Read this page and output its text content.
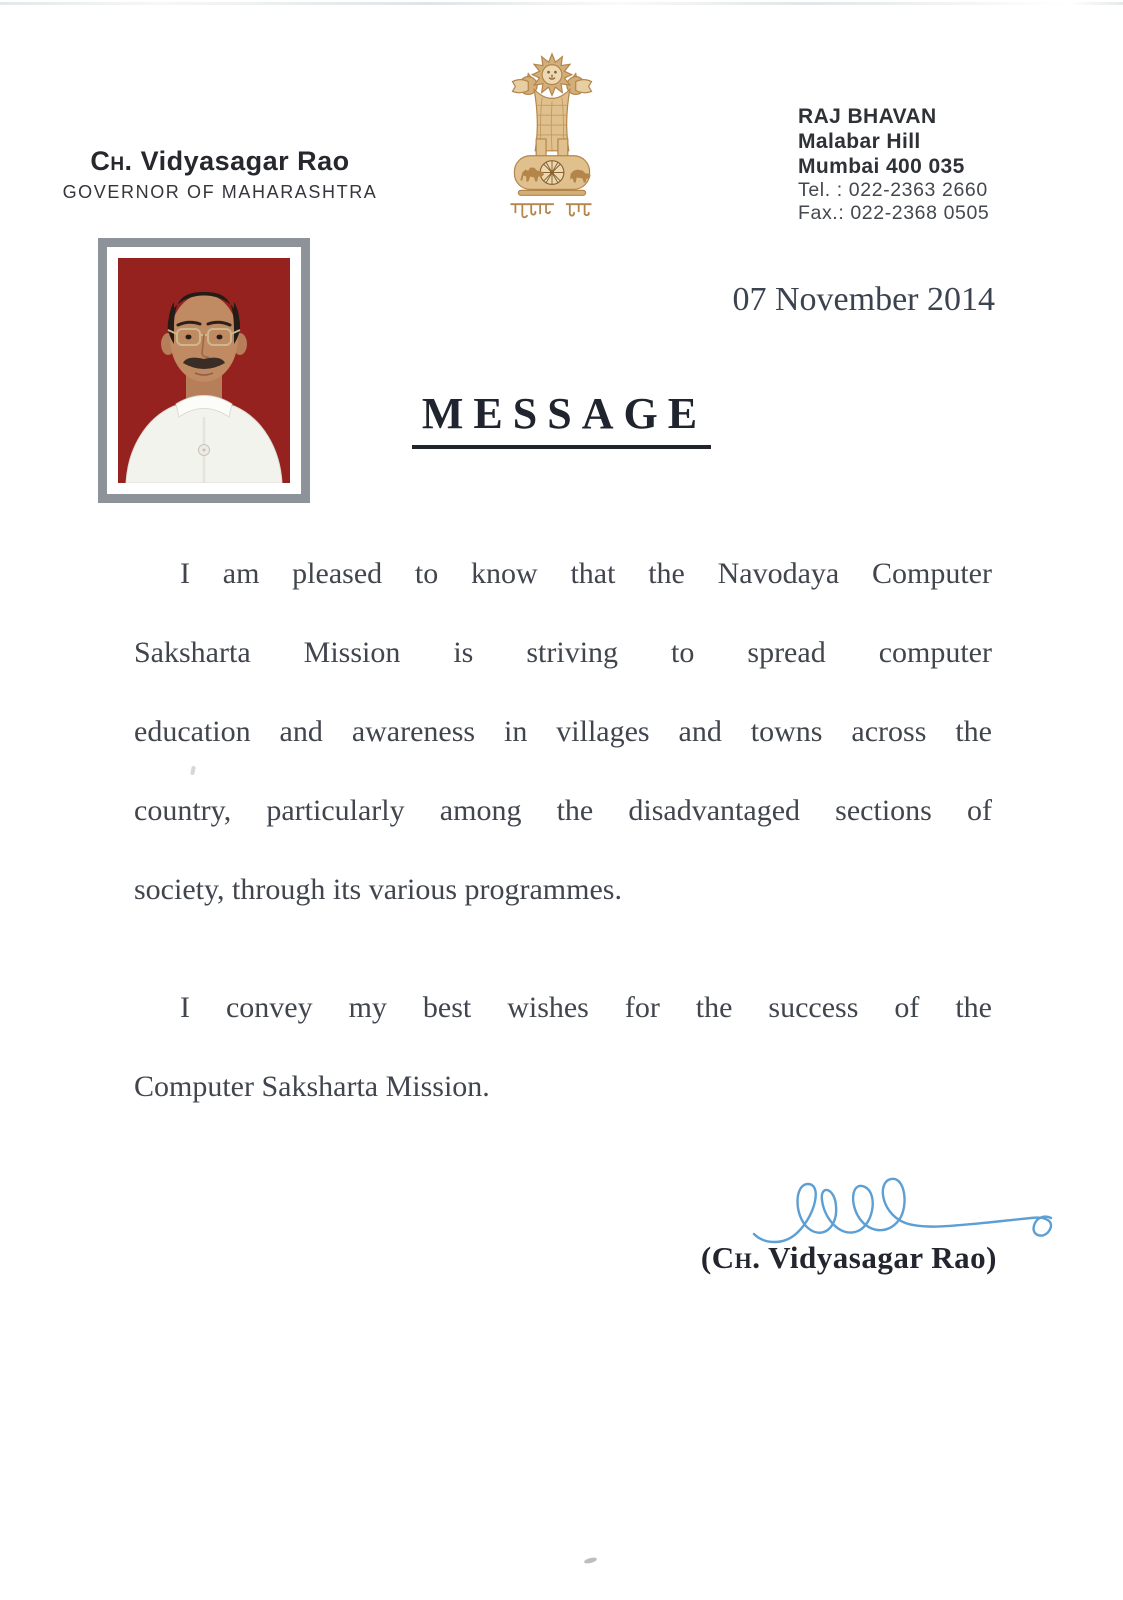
Ch. Vidyasagar Rao
GOVERNOR OF MAHARASHTRA
RAJ BHAVAN
Malabar Hill
Mumbai 400 035
Tel. : 022-2363 2660
Fax.: 022-2368 0505
07 November 2014
MESSAGE
I am pleased to know that the Navodaya Computer
Saksharta Mission is striving to spread computer
education and awareness in villages and towns across the
country, particularly among the disadvantaged sections of
society, through its various programmes.
I convey my best wishes for the success of the
Computer Saksharta Mission.
(Ch. Vidyasagar Rao)
